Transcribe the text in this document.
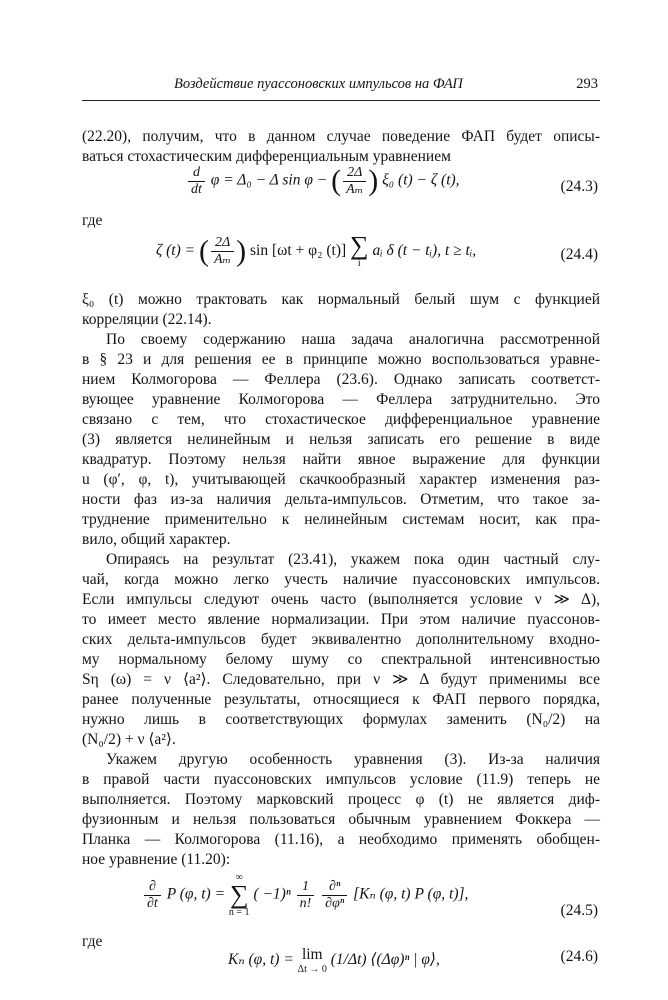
Воздействие пуассоновских импульсов на ФАП	293

(22.20), получим, что в данном случае поведение ФАП будет описы-

ваться стохастическим дифференциальным уравнением

$\frac{d}{dt}$ φ = Δ₀ − Δ sin φ − ( $\frac{2\Delta}{\text{Aₘ}}$ ) ξ₀ (t) − ζ (t),	(24.3)

где

ζ (t) = ( $\frac{2\Delta}{\text{Aₘ}}$ ) sin [ωt + φ₂ (t)] ∑
i
aᵢ δ (t − tᵢ), t ≥ tᵢ,	(24.4)

ξ₀ (t) можно трактовать как нормальный белый шум с функцией

корреляции (22.14).

По своему содержанию наша задача аналогична рассмотренной

в § 23 и для решения ее в принципе можно воспользоваться уравне-

нием Колмогорова — Феллера (23.6). Однако записать соответст-

вующее уравнение Колмогорова — Феллера затруднительно. Это

связано с тем, что стохастическое дифференциальное уравнение

(3) является нелинейным и нельзя записать его решение в виде

квадратур. Поэтому нельзя найти явное выражение для функции

u (φ′, φ, t), учитывающей скачкообразный характер изменения раз-

ности фаз из-за наличия дельта-импульсов. Отметим, что такое за-

труднение применительно к нелинейным системам носит, как пра-

вило, общий характер.

Опираясь на результат (23.41), укажем пока один частный слу-

чай, когда можно легко учесть наличие пуассоновских импульсов.

Если импульсы следуют очень часто (выполняется условие ν ≫ Δ),

то имеет место явление нормализации. При этом наличие пуассонов-

ских дельта-импульсов будет эквивалентно дополнительному входно-

му нормальному белому шуму со спектральной интенсивностью

Sη (ω) = ν ⟨a²⟩. Следовательно, при ν ≫ Δ будут применимы все

ранее полученные результаты, относящиеся к ФАП первого порядка,

нужно лишь в соответствующих формулах заменить (N₀/2) на

(N₀/2) + ν ⟨a²⟩.

Укажем другую особенность уравнения (3). Из-за наличия

в правой части пуассоновских импульсов условие (11.9) теперь не

выполняется. Поэтому марковский процесс φ (t) не является диф-

фузионным и нельзя пользоваться обычным уравнением Фоккера —

Планка — Колмогорова (11.16), а необходимо применять обобщен-

ное уравнение (11.20):

$\frac{\partial}{\partial t}$ P (φ, t) =
∞
∑
n = 1
( $-1)^n \frac{1}{n!}$
$\frac{\text{∂ⁿ}}{\text{∂φⁿ}} [K_n$ (φ, t) P (φ, t)],
(24.5)

где

Kₙ (φ, t) = lim
Δt → 0
(1/Δt) ⟨(Δφ)ⁿ | φ⟩,	(24.6)
